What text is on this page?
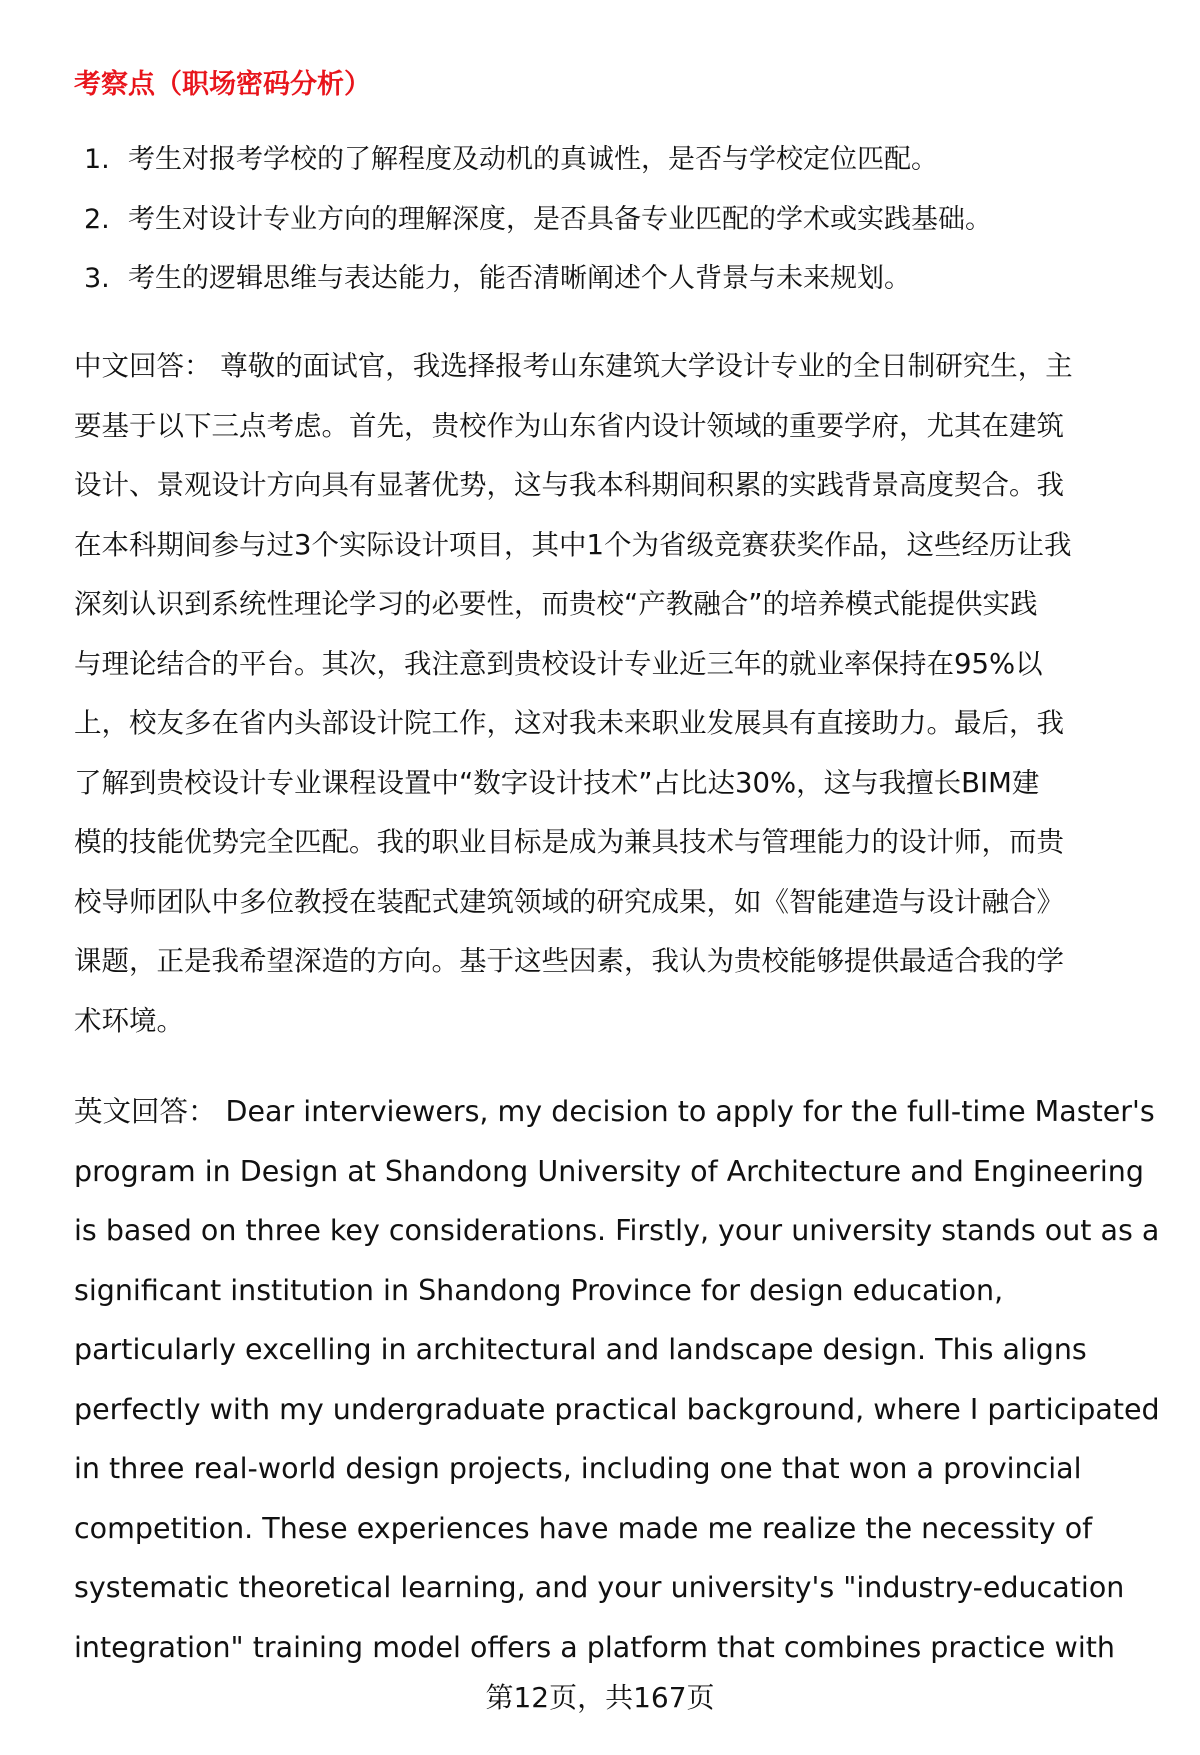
考察点（职场密码分析）
1. 考生对报考学校的了解程度及动机的真诚性，是否与学校定位匹配。
2. 考生对设计专业方向的理解深度，是否具备专业匹配的学术或实践基础。
3. 考生的逻辑思维与表达能力，能否清晰阐述个人背景与未来规划。
中文回答： 尊敬的面试官，我选择报考山东建筑大学设计专业的全日制研究生，主
要基于以下三点考虑。首先，贵校作为山东省内设计领域的重要学府，尤其在建筑
设计、景观设计方向具有显著优势，这与我本科期间积累的实践背景高度契合。我
在本科期间参与过3个实际设计项目，其中1个为省级竞赛获奖作品，这些经历让我
深刻认识到系统性理论学习的必要性，而贵校“产教融合”的培养模式能提供实践
与理论结合的平台。其次，我注意到贵校设计专业近三年的就业率保持在95%以
上，校友多在省内头部设计院工作，这对我未来职业发展具有直接助力。最后，我
了解到贵校设计专业课程设置中“数字设计技术”占比达30%，这与我擅长BIM建
模的技能优势完全匹配。我的职业目标是成为兼具技术与管理能力的设计师，而贵
校导师团队中多位教授在装配式建筑领域的研究成果，如《智能建造与设计融合》
课题，正是我希望深造的方向。基于这些因素，我认为贵校能够提供最适合我的学
术环境。
英文回答： Dear interviewers, my decision to apply for the full-time Master's
program in Design at Shandong University of Architecture and Engineering
is based on three key considerations. Firstly, your university stands out as a
significant institution in Shandong Province for design education,
particularly excelling in architectural and landscape design. This aligns
perfectly with my undergraduate practical background, where I participated
in three real-world design projects, including one that won a provincial
competition. These experiences have made me realize the necessity of
systematic theoretical learning, and your university's "industry-education
integration" training model offers a platform that combines practice with
第12页，共167页
